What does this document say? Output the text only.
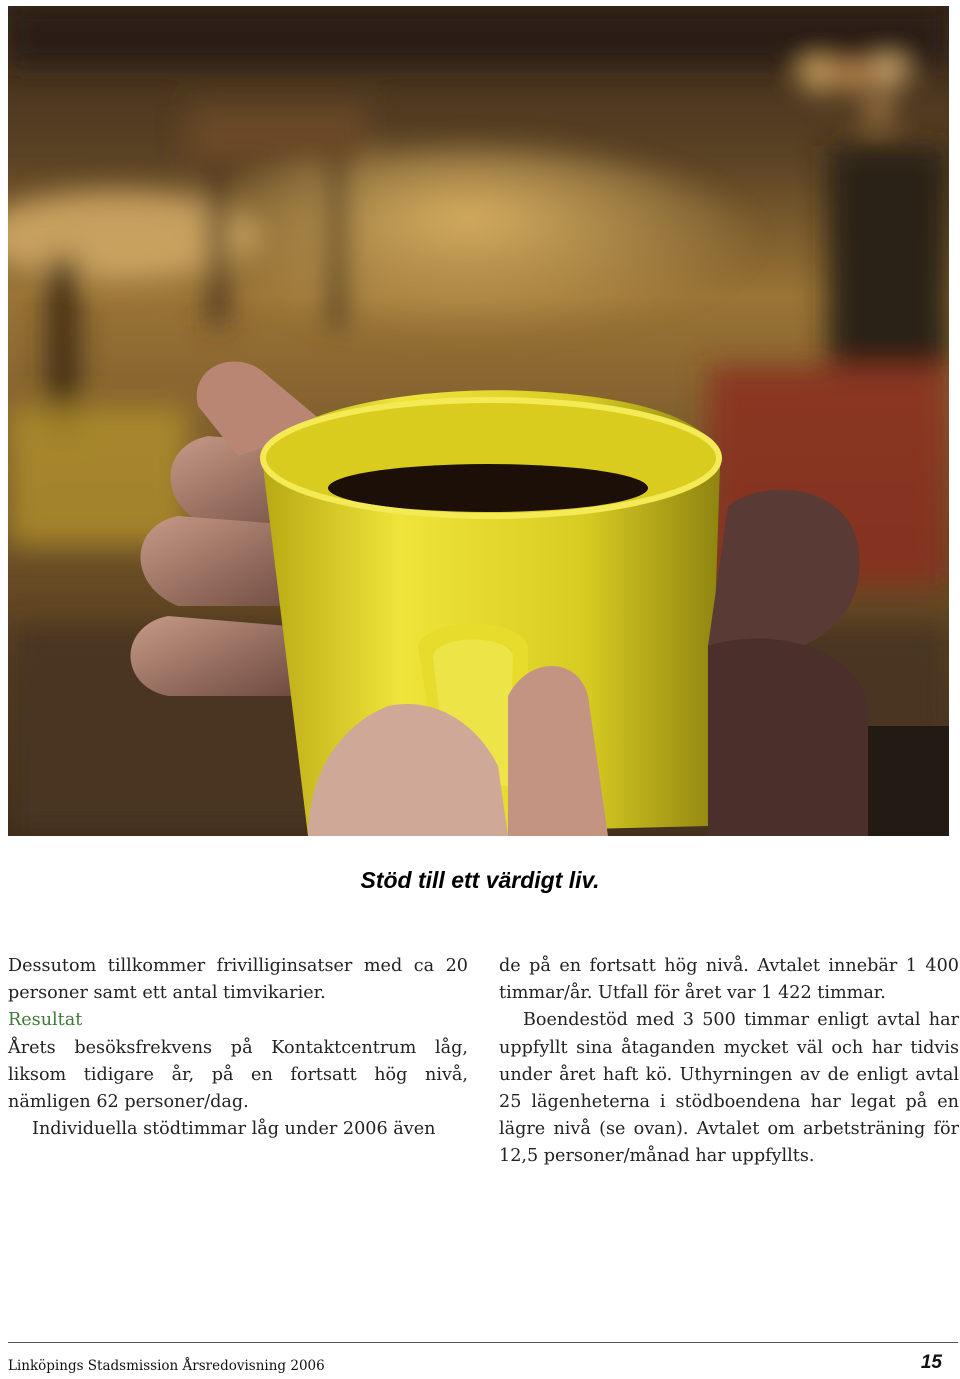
Stöd till ett värdigt liv.

Dessutom tillkommer frivilliginsatser med ca 20 personer samt ett antal timvikarier.

Resultat

Årets besöksfrekvens på Kontaktcentrum låg, liksom tidigare år, på en fortsatt hög nivå, nämligen 62 personer/dag.

Individuella stödtimmar låg under 2006 även

de på en fortsatt hög nivå. Avtalet innebär 1 400 timmar/år. Utfall för året var 1 422 timmar.

Boendestöd med 3 500 timmar enligt avtal har uppfyllt sina åtaganden mycket väl och har tidvis under året haft kö. Uthyrningen av de enligt avtal 25 lägenheterna i stödboendena har legat på en lägre nivå (se ovan). Avtalet om arbetsträning för 12,5 personer/månad har uppfyllts.

Linköpings Stadsmission Årsredovisning 2006	15
